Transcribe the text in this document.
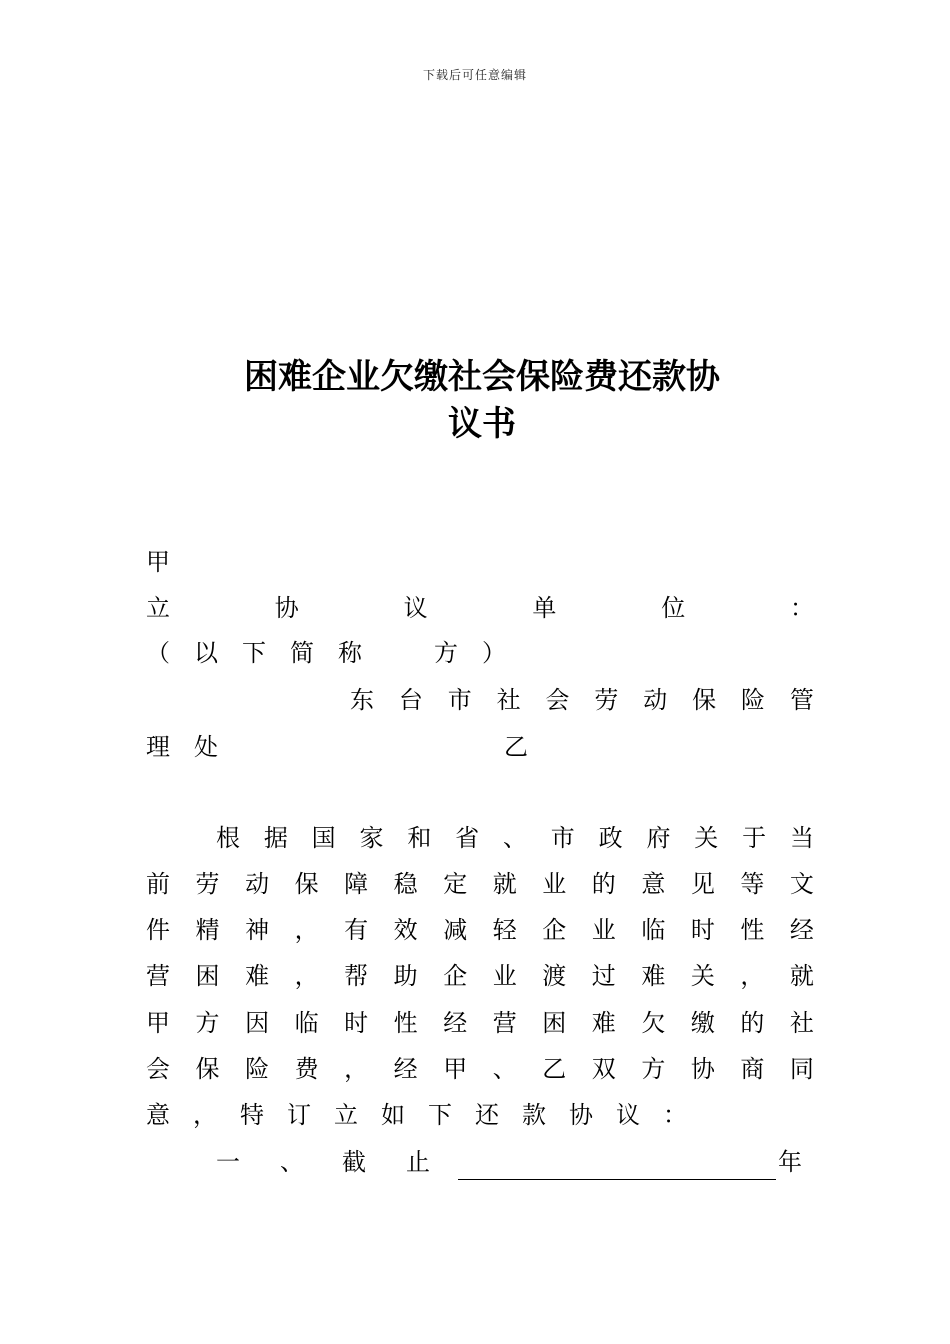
下载后可任意编辑
困难企业欠缴社会保险费还款协
议书
甲
立	协	议	单	位	：
（ 以 下 简 称	方 ）
东 台 市 社 会 劳 动 保 险 管
理 处	乙
根 据 国 家 和 省 、 市 政 府 关 于 当
前 劳 动 保 障 稳 定 就 业 的 意 见 等 文
件 精 神 ， 有 效 减 轻 企 业 临 时 性 经
营 困 难 ， 帮 助 企 业 渡 过 难 关 ， 就
甲 方 因 临 时 性 经 营 困 难 欠 缴 的 社
会 保 险 费 ， 经 甲 、 乙 双 方 协 商 同
意 ， 特 订 立 如 下 还 款 协 议 ：
一	、	截	止	年
